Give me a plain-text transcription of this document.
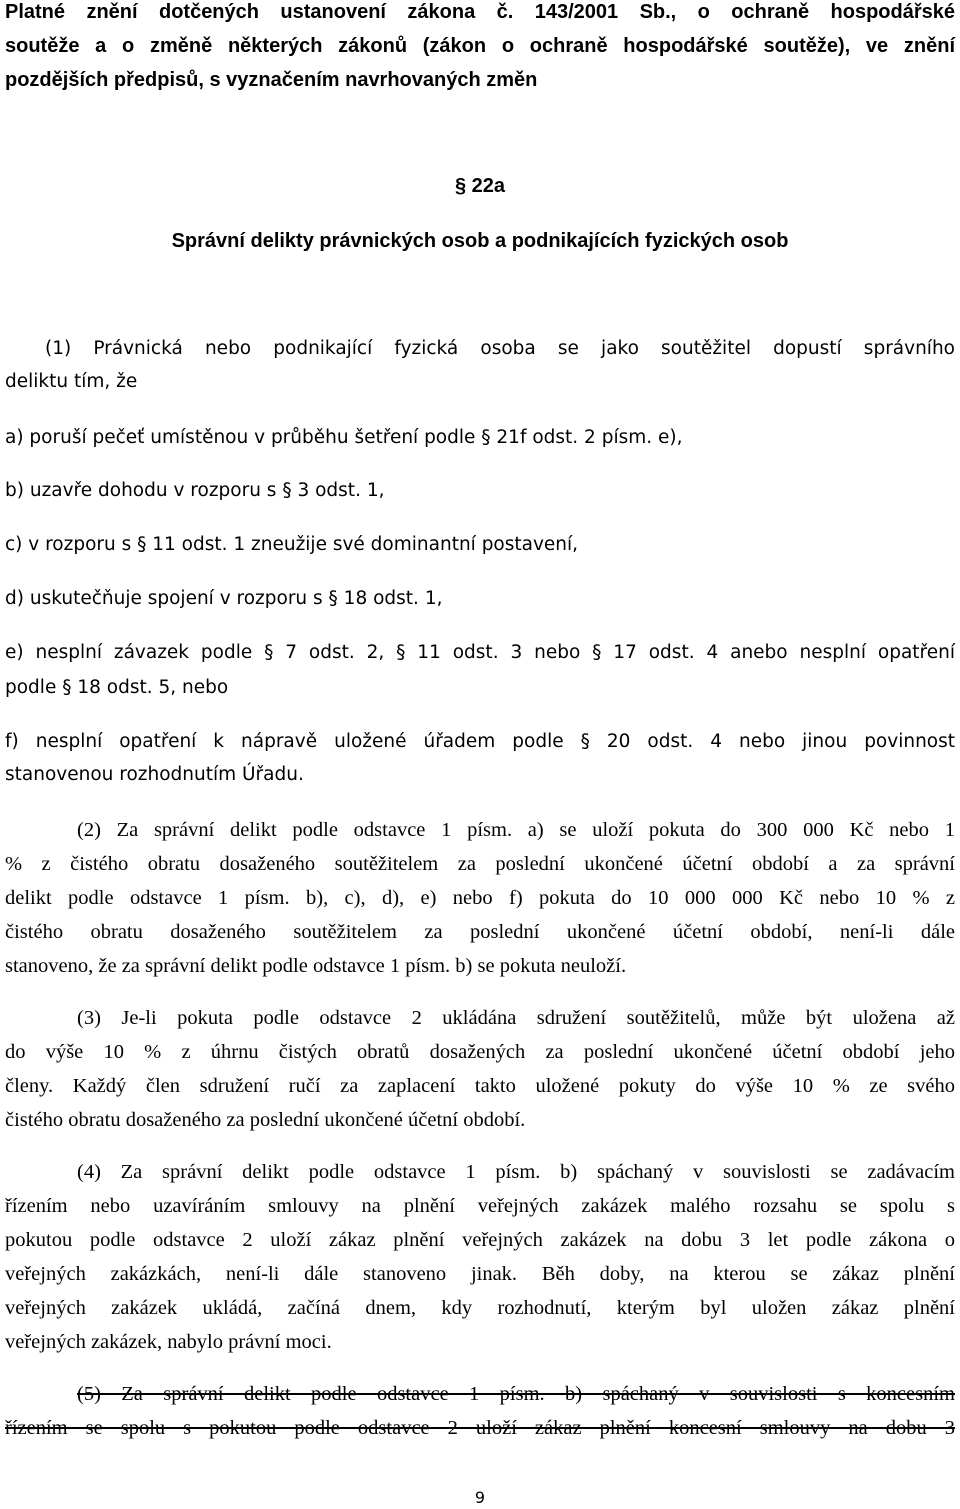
Platné znění dotčených ustanovení zákona č. 143/2001 Sb., o ochraně hospodářské
soutěže a o změně některých zákonů (zákon o ochraně hospodářské soutěže), ve znění
pozdějších předpisů, s vyznačením navrhovaných změn
§ 22a
Správní delikty právnických osob a podnikajících fyzických osob
(1) Právnická nebo podnikající fyzická osoba se jako soutěžitel dopustí správního
deliktu tím, že
a) poruší pečeť umístěnou v průběhu šetření podle § 21f odst. 2 písm. e),
b) uzavře dohodu v rozporu s § 3 odst. 1,
c) v rozporu s § 11 odst. 1 zneužije své dominantní postavení,
d) uskutečňuje spojení v rozporu s § 18 odst. 1,
e) nesplní závazek podle § 7 odst. 2, § 11 odst. 3 nebo § 17 odst. 4 anebo nesplní opatření
podle § 18 odst. 5, nebo
f) nesplní opatření k nápravě uložené úřadem podle § 20 odst. 4 nebo jinou povinnost
stanovenou rozhodnutím Úřadu.
(2) Za správní delikt podle odstavce 1 písm. a) se uloží pokuta do 300 000 Kč nebo 1
% z čistého obratu dosaženého soutěžitelem za poslední ukončené účetní období a za správní
delikt podle odstavce 1 písm. b), c), d), e) nebo f) pokuta do 10 000 000 Kč nebo 10 % z
čistého obratu dosaženého soutěžitelem za poslední ukončené účetní období, není-li dále
stanoveno, že za správní delikt podle odstavce 1 písm. b) se pokuta neuloží.
(3) Je-li pokuta podle odstavce 2 ukládána sdružení soutěžitelů, může být uložena až
do výše 10 % z úhrnu čistých obratů dosažených za poslední ukončené účetní období jeho
členy. Každý člen sdružení ručí za zaplacení takto uložené pokuty do výše 10 % ze svého
čistého obratu dosaženého za poslední ukončené účetní období.
(4) Za správní delikt podle odstavce 1 písm. b) spáchaný v souvislosti se zadávacím
řízením nebo uzavíráním smlouvy na plnění veřejných zakázek malého rozsahu se spolu s
pokutou podle odstavce 2 uloží zákaz plnění veřejných zakázek na dobu 3 let podle zákona o
veřejných zakázkách, není-li dále stanoveno jinak. Běh doby, na kterou se zákaz plnění
veřejných zakázek ukládá, začíná dnem, kdy rozhodnutí, kterým byl uložen zákaz plnění
veřejných zakázek, nabylo právní moci.
(5) Za správní delikt podle odstavce 1 písm. b) spáchaný v souvislosti s koncesním
řízením se spolu s pokutou podle odstavce 2 uloží zákaz plnění koncesní smlouvy na dobu 3
9
